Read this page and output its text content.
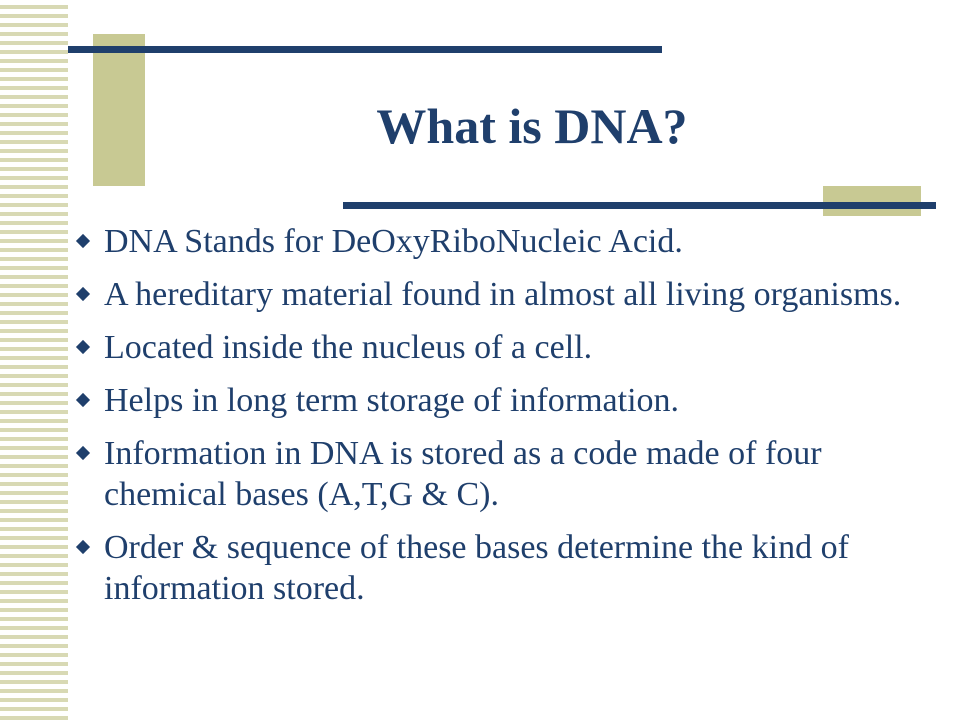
What is DNA?
DNA Stands for DeOxyRiboNucleic Acid.
A hereditary material found in almost all living organisms.
Located inside the nucleus of a cell.
Helps in long term storage of information.
Information in DNA is stored as a code made of four chemical bases (A,T,G & C).
Order & sequence of these bases determine the kind of information stored.
